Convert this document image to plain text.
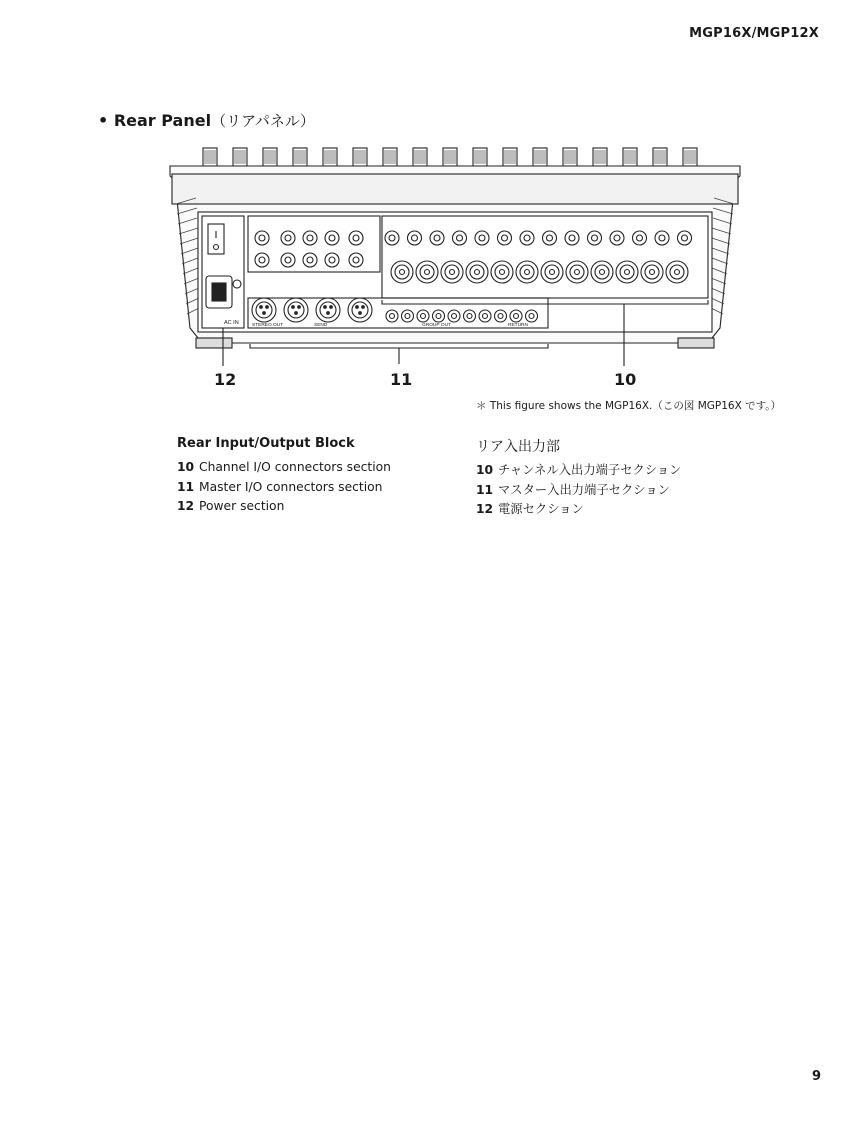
MGP16X/MGP12X
• Rear Panel（リアパネル）
AC IN	STEREO OUT	SEND	GROUP OUT	RETURN
12	11	10
＊ This figure shows the MGP16X.（この図 MGP16X です。）
Rear Input/Output Block	リア入出力部
10 Channel I/O connectors section
11 Master I/O connectors section
12 Power section
10 チャンネル入出力端子セクション
11 マスター入出力端子セクション
12 電源セクション
9
